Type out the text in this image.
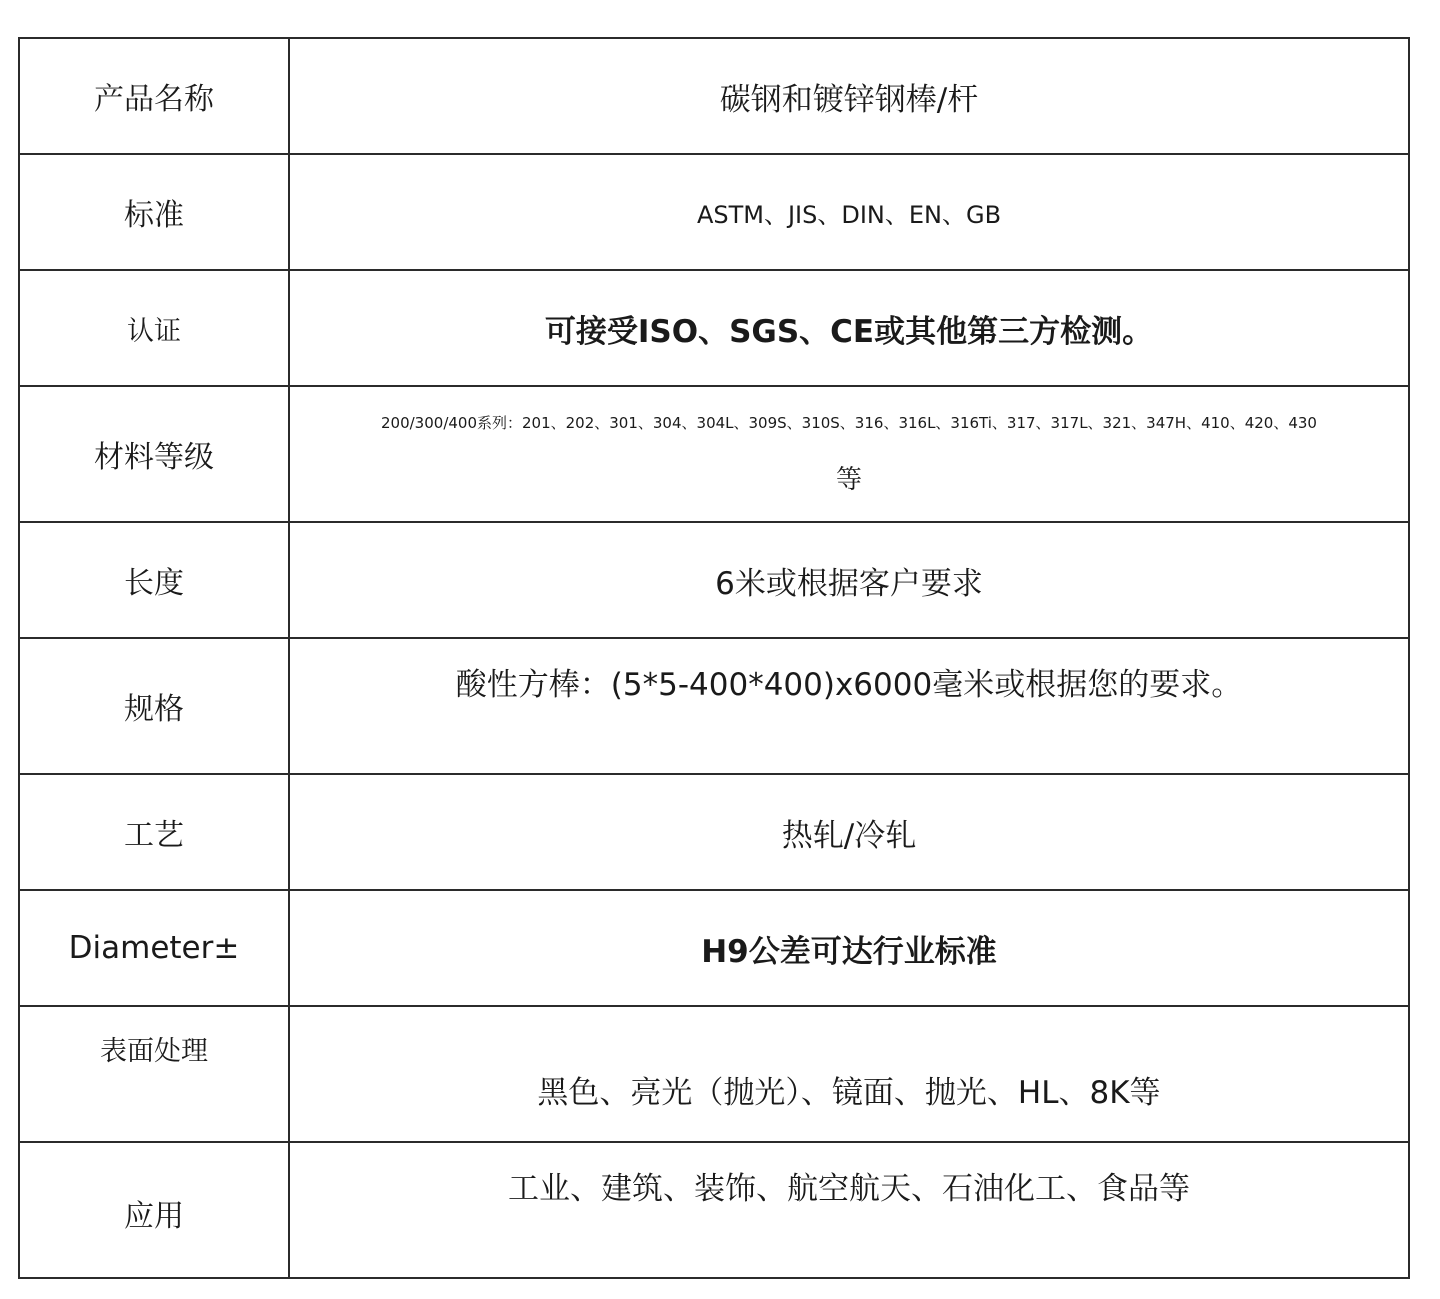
产品名称	碳钢和镀锌钢棒/杆
标准	ASTM、JIS、DIN、EN、GB
认证	可接受ISO、SGS、CE或其他第三方检测。
材料等级	200/300/400系列：201、202、301、304、304L、309S、310S、316、316L、316Ti、317、317L、321、347H、410、420、430
等

长度	6米或根据客户要求
规格	酸性方棒：(5*5-400*400)x6000毫米或根据您的要求。
工艺	热轧/冷轧
Diameter±	H9公差可达行业标准
表面处理	黑色、亮光（抛光）、镜面、抛光、HL、8K等
应用	工业、建筑、装饰、航空航天、石油化工、食品等
